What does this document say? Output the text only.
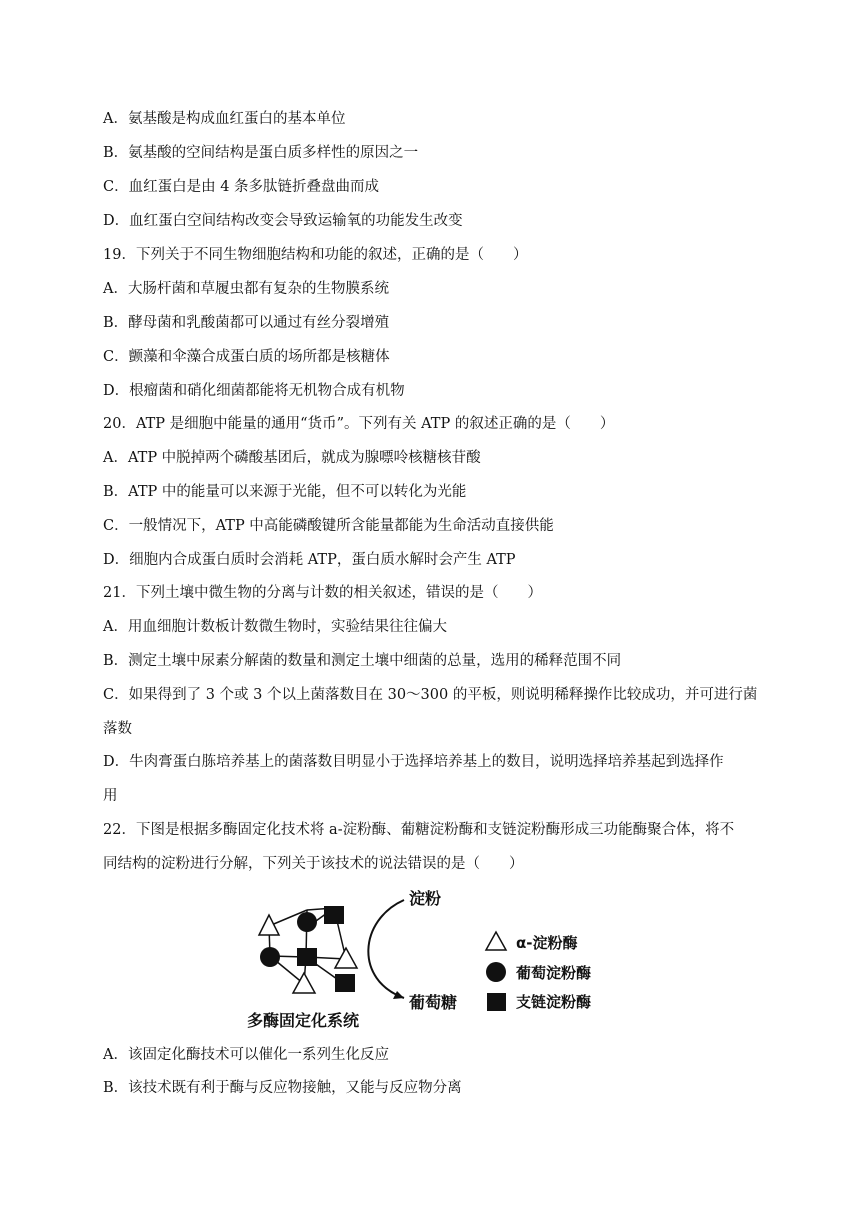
A．氨基酸是构成血红蛋白的基本单位
B．氨基酸的空间结构是蛋白质多样性的原因之一
C．血红蛋白是由 4 条多肽链折叠盘曲而成
D．血红蛋白空间结构改变会导致运输氧的功能发生改变
19．下列关于不同生物细胞结构和功能的叙述，正确的是（　　）
A．大肠杆菌和草履虫都有复杂的生物膜系统
B．酵母菌和乳酸菌都可以通过有丝分裂增殖
C．颤藻和伞藻合成蛋白质的场所都是核糖体
D．根瘤菌和硝化细菌都能将无机物合成有机物
20．ATP 是细胞中能量的通用“货币”。下列有关 ATP 的叙述正确的是（　　）
A．ATP 中脱掉两个磷酸基团后，就成为腺嘌呤核糖核苷酸
B．ATP 中的能量可以来源于光能，但不可以转化为光能
C．一般情况下，ATP 中高能磷酸键所含能量都能为生命活动直接供能
D．细胞内合成蛋白质时会消耗 ATP，蛋白质水解时会产生 ATP
21．下列土壤中微生物的分离与计数的相关叙述，错误的是（　　）
A．用血细胞计数板计数微生物时，实验结果往往偏大
B．测定土壤中尿素分解菌的数量和测定土壤中细菌的总量，选用的稀释范围不同
C．如果得到了 3 个或 3 个以上菌落数目在 30～300 的平板，则说明稀释操作比较成功，并可进行菌
落数
D．牛肉膏蛋白胨培养基上的菌落数目明显小于选择培养基上的数目，说明选择培养基起到选择作
用
22．下图是根据多酶固定化技术将 a-淀粉酶、葡糖淀粉酶和支链淀粉酶形成三功能酶聚合体，将不
同结构的淀粉进行分解，下列关于该技术的说法错误的是（　　）
淀粉
葡萄糖
多酶固定化系统
α-淀粉酶
葡萄淀粉酶
支链淀粉酶
A．该固定化酶技术可以催化一系列生化反应
B．该技术既有利于酶与反应物接触，又能与反应物分离
